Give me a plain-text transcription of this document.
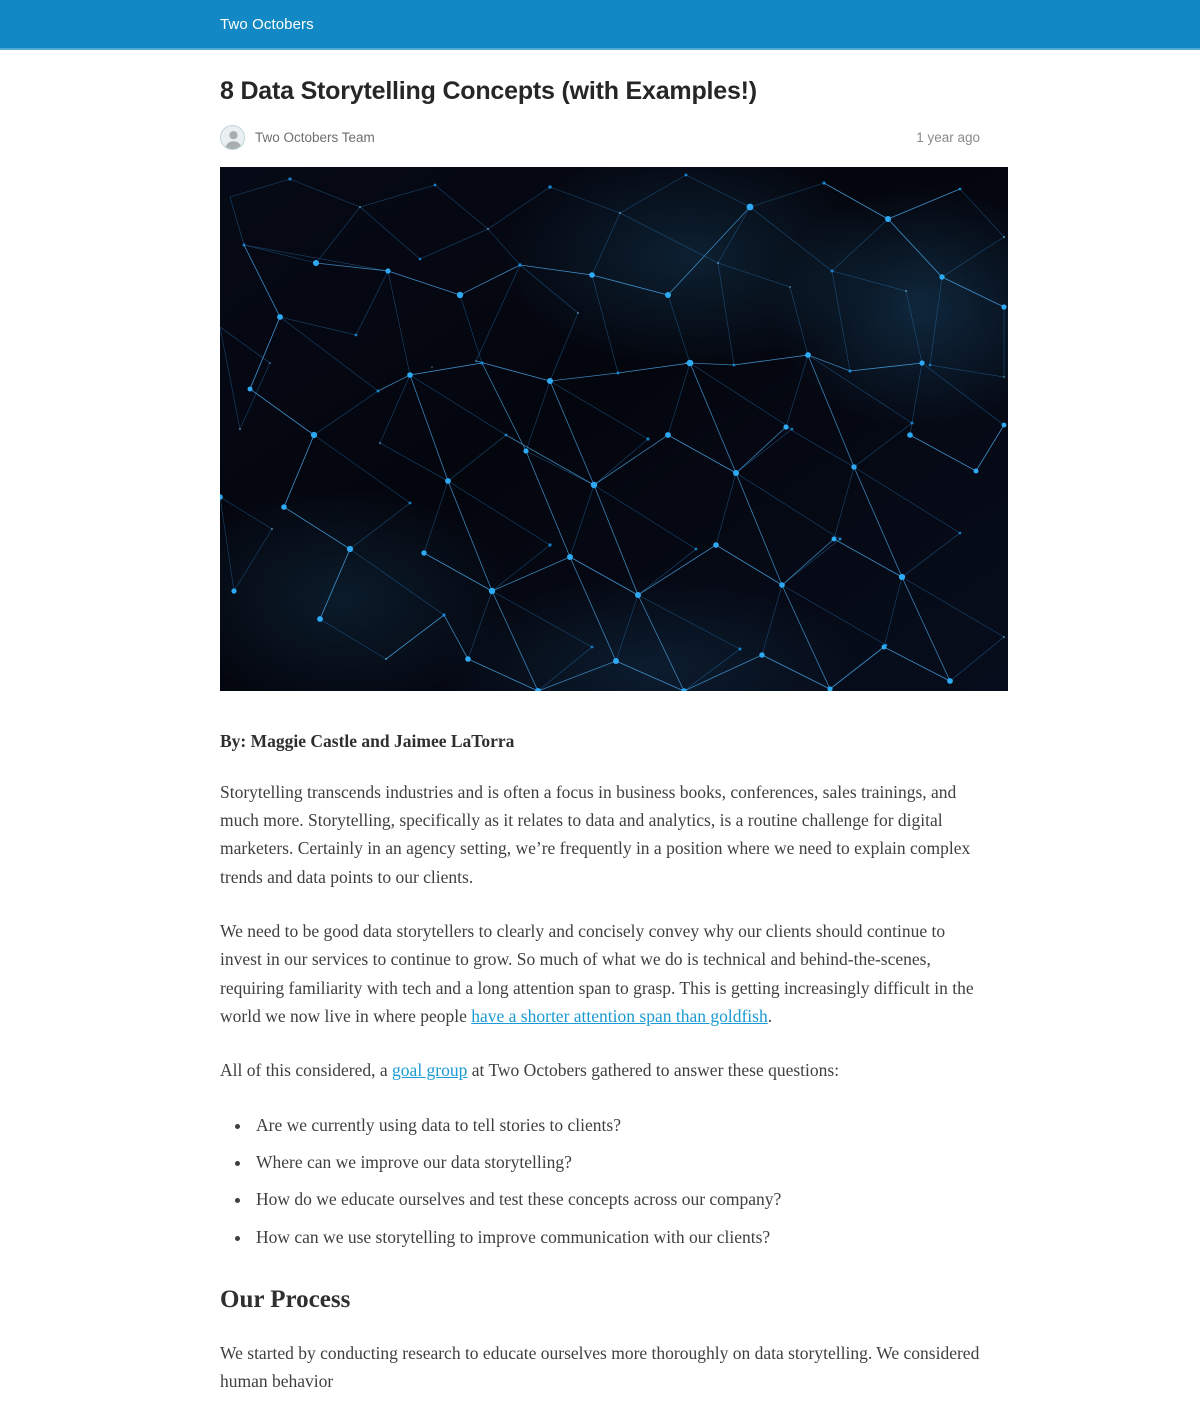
Two Octobers
8 Data Storytelling Concepts (with Examples!)
Two Octobers Team	1 year ago

By: Maggie Castle and Jaimee LaTorra

Storytelling transcends industries and is often a focus in business books, conferences, sales trainings, and much more. Storytelling, specifically as it relates to data and analytics, is a routine challenge for digital marketers. Certainly in an agency setting, we’re frequently in a position where we need to explain complex trends and data points to our clients.

We need to be good data storytellers to clearly and concisely convey why our clients should continue to invest in our services to continue to grow. So much of what we do is technical and behind-the-scenes, requiring familiarity with tech and a long attention span to grasp. This is getting increasingly difficult in the world we now live in where people have a shorter attention span than goldfish.

All of this considered, a goal group at Two Octobers gathered to answer these questions:

• Are we currently using data to tell stories to clients?
• Where can we improve our data storytelling?
• How do we educate ourselves and test these concepts across our company?
• How can we use storytelling to improve communication with our clients?
Our Process

We started by conducting research to educate ourselves more thoroughly on data storytelling. We considered human behavior
